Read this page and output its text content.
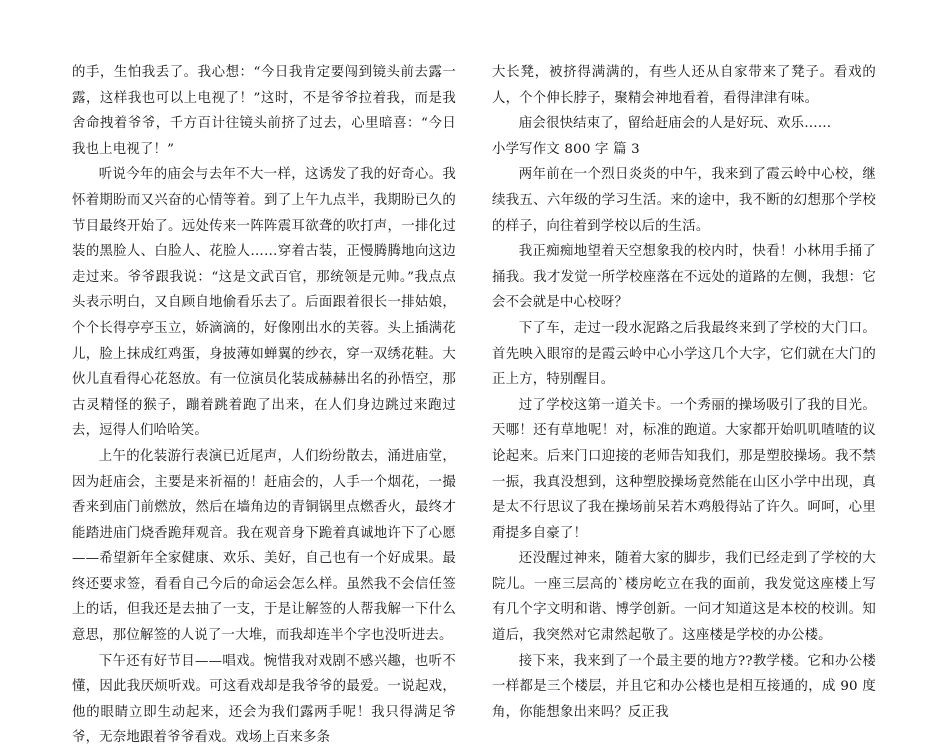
的手，生怕我丢了。我心想：“今日我肯定要闯到镜头前去露一露，这样我也可以上电视了！”这时，不是爷爷拉着我，而是我舍命拽着爷爷，千方百计往镜头前挤了过去，心里暗喜：“今日我也上电视了！”

听说今年的庙会与去年不大一样，这诱发了我的好奇心。我怀着期盼而又兴奋的心情等着。到了上午九点半，我期盼已久的节目最终开始了。远处传来一阵阵震耳欲聋的吹打声，一排化过装的黑脸人、白脸人、花脸人……穿着古装，正慢腾腾地向这边走过来。爷爷跟我说：“这是文武百官，那统领是元帅。”我点点头表示明白，又自顾自地偷看乐去了。后面跟着很长一排姑娘，个个长得亭亭玉立，娇滴滴的，好像刚出水的芙蓉。头上插满花儿，脸上抹成红鸡蛋，身披薄如蝉翼的纱衣，穿一双绣花鞋。大伙儿直看得心花怒放。有一位演员化装成赫赫出名的孙悟空，那古灵精怪的猴子，蹦着跳着跑了出来，在人们身边跳过来跑过去，逗得人们哈哈笑。

上午的化装游行表演已近尾声，人们纷纷散去，涌进庙堂，因为赶庙会，主要是来祈福的！赶庙会的，人手一个烟花，一撮香来到庙门前燃放，然后在墙角边的青铜锅里点燃香火，最终才能踏进庙门烧香跪拜观音。我在观音身下跪着真诚地许下了心愿——希望新年全家健康、欢乐、美好，自己也有一个好成果。最终还要求签，看看自己今后的命运会怎么样。虽然我不会信任签上的话，但我还是去抽了一支，于是让解签的人帮我解一下什么意思，那位解签的人说了一大堆，而我却连半个字也没听进去。

下午还有好节目——唱戏。惋惜我对戏剧不感兴趣，也听不懂，因此我厌烦听戏。可这看戏却是我爷爷的最爱。一说起戏，他的眼睛立即生动起来，还会为我们露两手呢！我只得满足爷爷，无奈地跟着爷爷看戏。戏场上百来多条

大长凳，被挤得满满的，有些人还从自家带来了凳子。看戏的人，个个伸长脖子，聚精会神地看着，看得津津有味。

庙会很快结束了，留给赶庙会的人是好玩、欢乐……

小学写作文 800 字 篇 3

两年前在一个烈日炎炎的中午，我来到了霞云岭中心校，继续我五、六年级的学习生活。来的途中，我不断的幻想那个学校的样子，向往着到学校以后的生活。

我正痴痴地望着天空想象我的校内时，快看！小林用手捅了捅我。我才发觉一所学校座落在不远处的道路的左侧，我想：它会不会就是中心校呀？

下了车，走过一段水泥路之后我最终来到了学校的大门口。首先映入眼帘的是霞云岭中心小学这几个大字，它们就在大门的正上方，特别醒目。

过了学校这第一道关卡。一个秀丽的操场吸引了我的目光。天哪！还有草地呢！对，标准的跑道。大家都开始叽叽喳喳的议论起来。后来门口迎接的老师告知我们，那是塑胶操场。我不禁一振，我真没想到，这种塑胶操场竟然能在山区小学中出现，真是太不行思议了我在操场前呆若木鸡般得站了许久。呵呵，心里甭提多自豪了！

还没醒过神来，随着大家的脚步，我们已经走到了学校的大院儿。一座三层高的`楼房屹立在我的面前，我发觉这座楼上写有几个字文明和谐、博学创新。一问才知道这是本校的校训。知道后，我突然对它肃然起敬了。这座楼是学校的办公楼。

接下来，我来到了一个最主要的地方??教学楼。它和办公楼一样都是三个楼层，并且它和办公楼也是相互接通的，成 90 度角，你能想象出来吗？反正我
